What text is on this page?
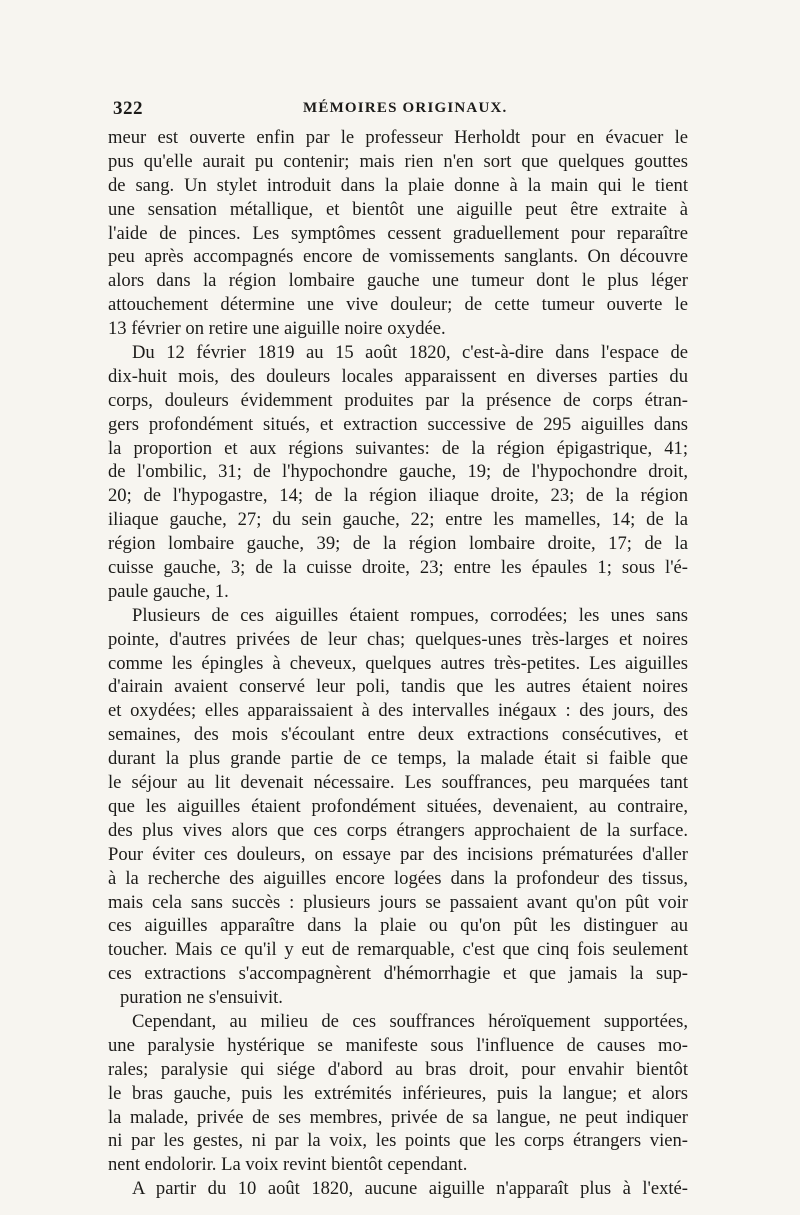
322	MÉMOIRES ORIGINAUX.
meur est ouverte enfin par le professeur Herholdt pour en évacuer le
pus qu'elle aurait pu contenir; mais rien n'en sort que quelques gouttes
de sang. Un stylet introduit dans la plaie donne à la main qui le tient
une sensation métallique, et bientôt une aiguille peut être extraite à
l'aide de pinces. Les symptômes cessent graduellement pour reparaître
peu après accompagnés encore de vomissements sanglants. On découvre
alors dans la région lombaire gauche une tumeur dont le plus léger
attouchement détermine une vive douleur; de cette tumeur ouverte le
13 février on retire une aiguille noire oxydée.
Du 12 février 1819 au 15 août 1820, c'est-à-dire dans l'espace de
dix-huit mois, des douleurs locales apparaissent en diverses parties du
corps, douleurs évidemment produites par la présence de corps étran-
gers profondément situés, et extraction successive de 295 aiguilles dans
la proportion et aux régions suivantes: de la région épigastrique, 41;
de l'ombilic, 31; de l'hypochondre gauche, 19; de l'hypochondre droit,
20; de l'hypogastre, 14; de la région iliaque droite, 23; de la région
iliaque gauche, 27; du sein gauche, 22; entre les mamelles, 14; de la
région lombaire gauche, 39; de la région lombaire droite, 17; de la
cuisse gauche, 3; de la cuisse droite, 23; entre les épaules 1; sous l'é-
paule gauche, 1.
Plusieurs de ces aiguilles étaient rompues, corrodées; les unes sans
pointe, d'autres privées de leur chas; quelques-unes très-larges et noires
comme les épingles à cheveux, quelques autres très-petites. Les aiguilles
d'airain avaient conservé leur poli, tandis que les autres étaient noires
et oxydées; elles apparaissaient à des intervalles inégaux : des jours, des
semaines, des mois s'écoulant entre deux extractions consécutives, et
durant la plus grande partie de ce temps, la malade était si faible que
le séjour au lit devenait nécessaire. Les souffrances, peu marquées tant
que les aiguilles étaient profondément situées, devenaient, au contraire,
des plus vives alors que ces corps étrangers approchaient de la surface.
Pour éviter ces douleurs, on essaye par des incisions prématurées d'aller
à la recherche des aiguilles encore logées dans la profondeur des tissus,
mais cela sans succès : plusieurs jours se passaient avant qu'on pût voir
ces aiguilles apparaître dans la plaie ou qu'on pût les distinguer au
toucher. Mais ce qu'il y eut de remarquable, c'est que cinq fois seulement
ces extractions s'accompagnèrent d'hémorrhagie et que jamais la sup-
puration ne s'ensuivit.
Cependant, au milieu de ces souffrances héroïquement supportées,
une paralysie hystérique se manifeste sous l'influence de causes mo-
rales; paralysie qui siége d'abord au bras droit, pour envahir bientôt
le bras gauche, puis les extrémités inférieures, puis la langue; et alors
la malade, privée de ses membres, privée de sa langue, ne peut indiquer
ni par les gestes, ni par la voix, les points que les corps étrangers vien-
nent endolorir. La voix revint bientôt cependant.
A partir du 10 août 1820, aucune aiguille n'apparaît plus à l'exté-
